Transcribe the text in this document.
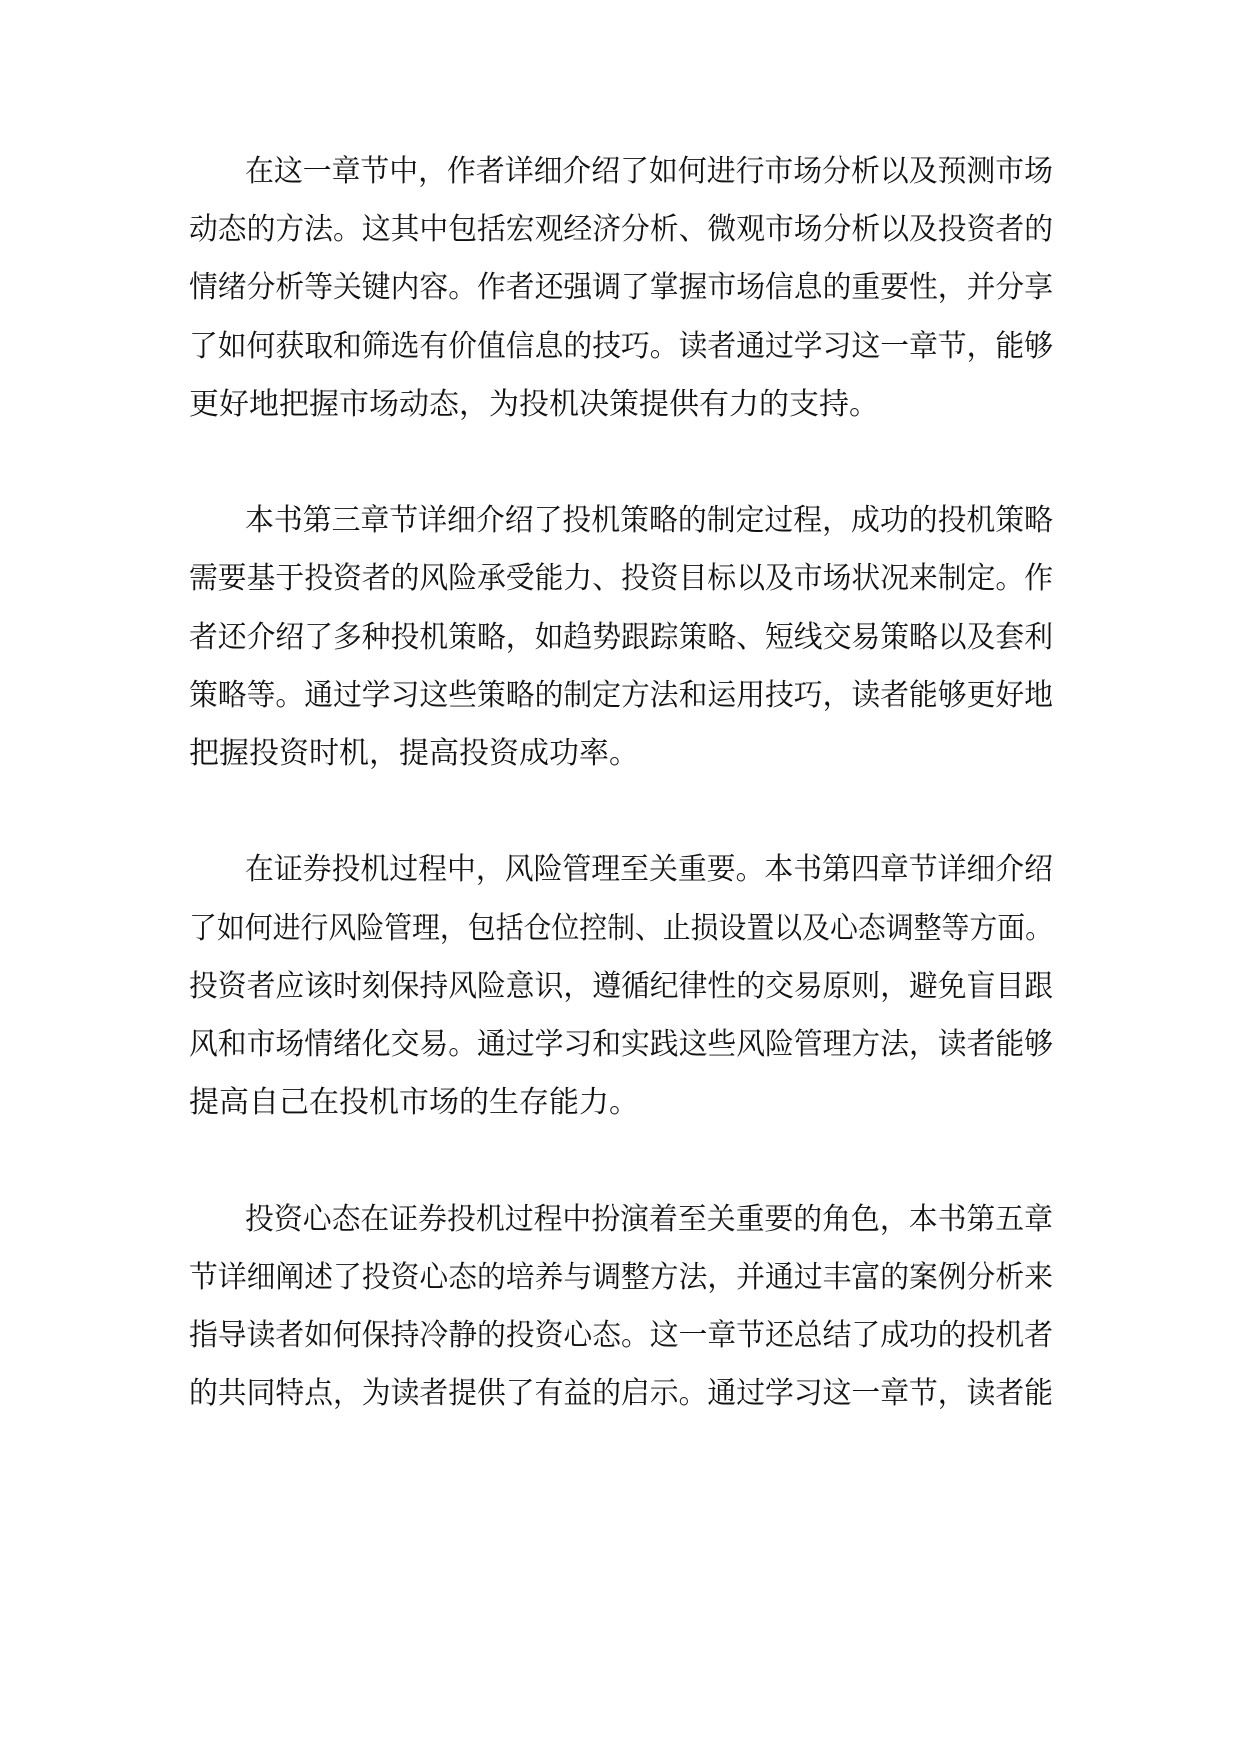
在这一章节中，作者详细介绍了如何进行市场分析以及预测市场
动态的方法。这其中包括宏观经济分析、微观市场分析以及投资者的
情绪分析等关键内容。作者还强调了掌握市场信息的重要性，并分享
了如何获取和筛选有价值信息的技巧。读者通过学习这一章节，能够
更好地把握市场动态，为投机决策提供有力的支持。
本书第三章节详细介绍了投机策略的制定过程，成功的投机策略
需要基于投资者的风险承受能力、投资目标以及市场状况来制定。作
者还介绍了多种投机策略，如趋势跟踪策略、短线交易策略以及套利
策略等。通过学习这些策略的制定方法和运用技巧，读者能够更好地
把握投资时机，提高投资成功率。
在证券投机过程中，风险管理至关重要。本书第四章节详细介绍
了如何进行风险管理，包括仓位控制、止损设置以及心态调整等方面。
投资者应该时刻保持风险意识，遵循纪律性的交易原则，避免盲目跟
风和市场情绪化交易。通过学习和实践这些风险管理方法，读者能够
提高自己在投机市场的生存能力。
投资心态在证券投机过程中扮演着至关重要的角色，本书第五章
节详细阐述了投资心态的培养与调整方法，并通过丰富的案例分析来
指导读者如何保持冷静的投资心态。这一章节还总结了成功的投机者
的共同特点，为读者提供了有益的启示。通过学习这一章节，读者能
